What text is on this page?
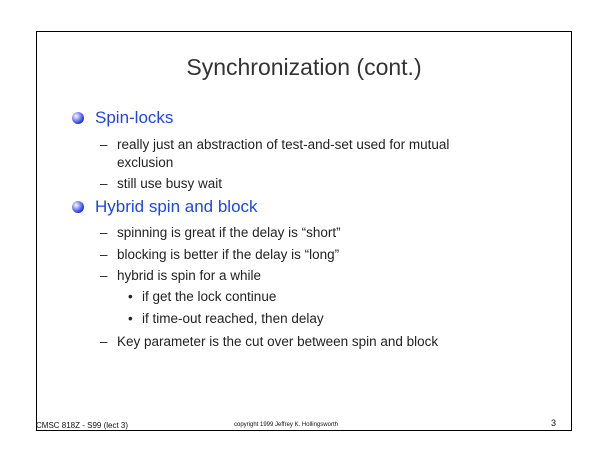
Synchronization (cont.)
Spin-locks
– really just an abstraction of test-and-set used for mutual
exclusion
– still use busy wait
Hybrid spin and block
– spinning is great if the delay is “short”
– blocking is better if the delay is “long”
– hybrid is spin for a while
• if get the lock continue
• if time-out reached, then delay
– Key parameter is the cut over between spin and block
CMSC 818Z - S99 (lect 3)	copyright 1999 Jeffrey K. Hollingsworth	3
